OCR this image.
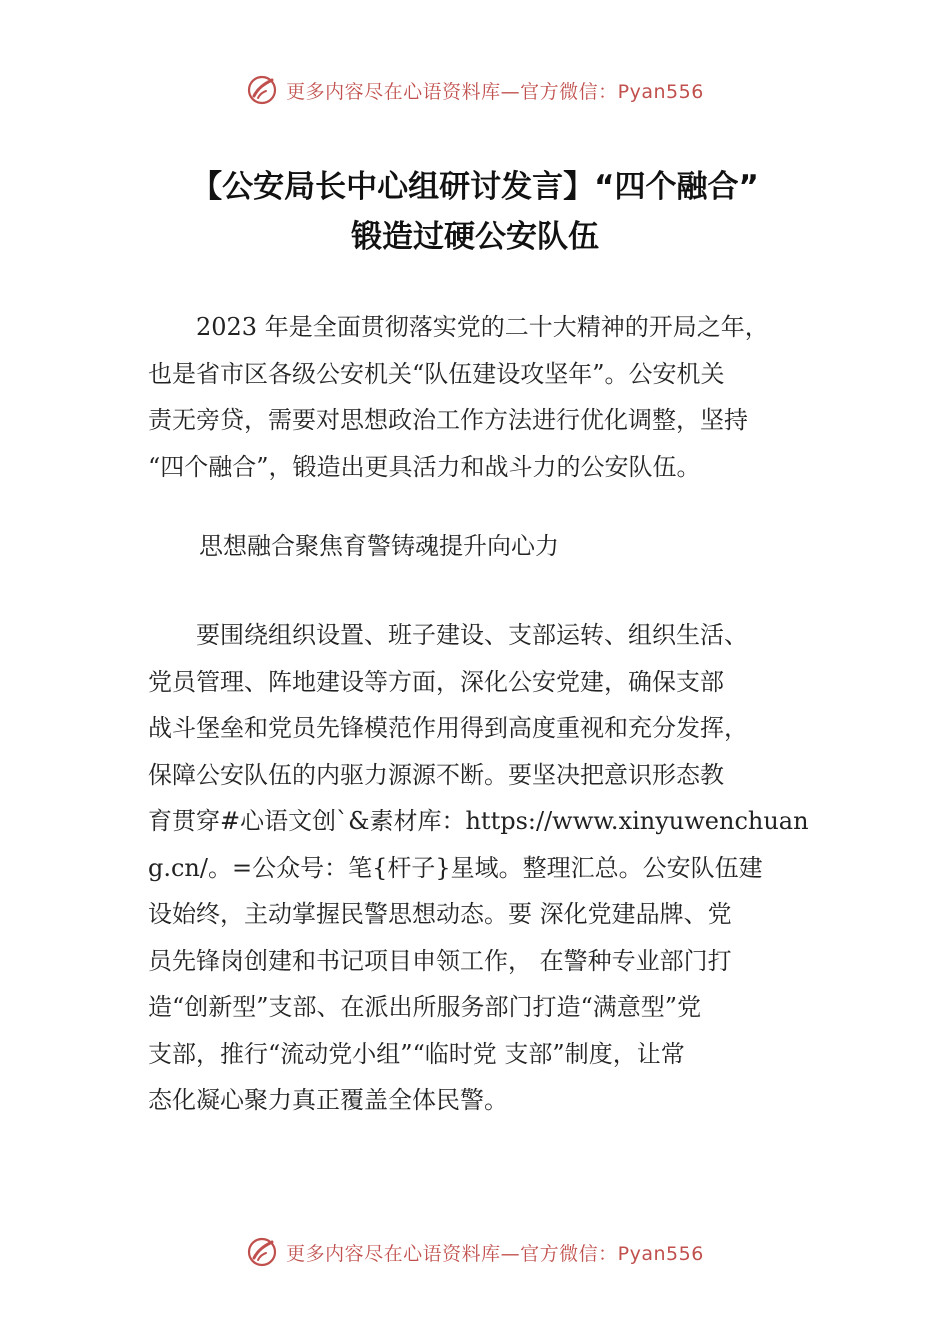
更多内容尽在心语资料库—官方微信：Pyan556
【公安局长中心组研讨发言】“四个融合”
锻造过硬公安队伍
　　2023 年是全面贯彻落实党的二十大精神的开局之年，
也是省市区各级公安机关“队伍建设攻坚年”。公安机关
责无旁贷，需要对思想政治工作方法进行优化调整，坚持
“四个融合”，锻造出更具活力和战斗力的公安队伍。
思想融合聚焦育警铸魂提升向心力
　　要围绕组织设置、班子建设、支部运转、组织生活、
党员管理、阵地建设等方面，深化公安党建，确保支部
战斗堡垒和党员先锋模范作用得到高度重视和充分发挥，
保障公安队伍的内驱力源源不断。要坚决把意识形态教
育贯穿#心语文创`&素材库：https://www.xinyuwenchuan
g.cn/。=公众号：笔{杆子}星域。整理汇总。公安队伍建
设始终，主动掌握民警思想动态。要 深化党建品牌、党
员先锋岗创建和书记项目申领工作， 在警种专业部门打
造“创新型”支部、在派出所服务部门打造“满意型”党
支部，推行“流动党小组”“临时党 支部”制度，让常
态化凝心聚力真正覆盖全体民警。
更多内容尽在心语资料库—官方微信：Pyan556
